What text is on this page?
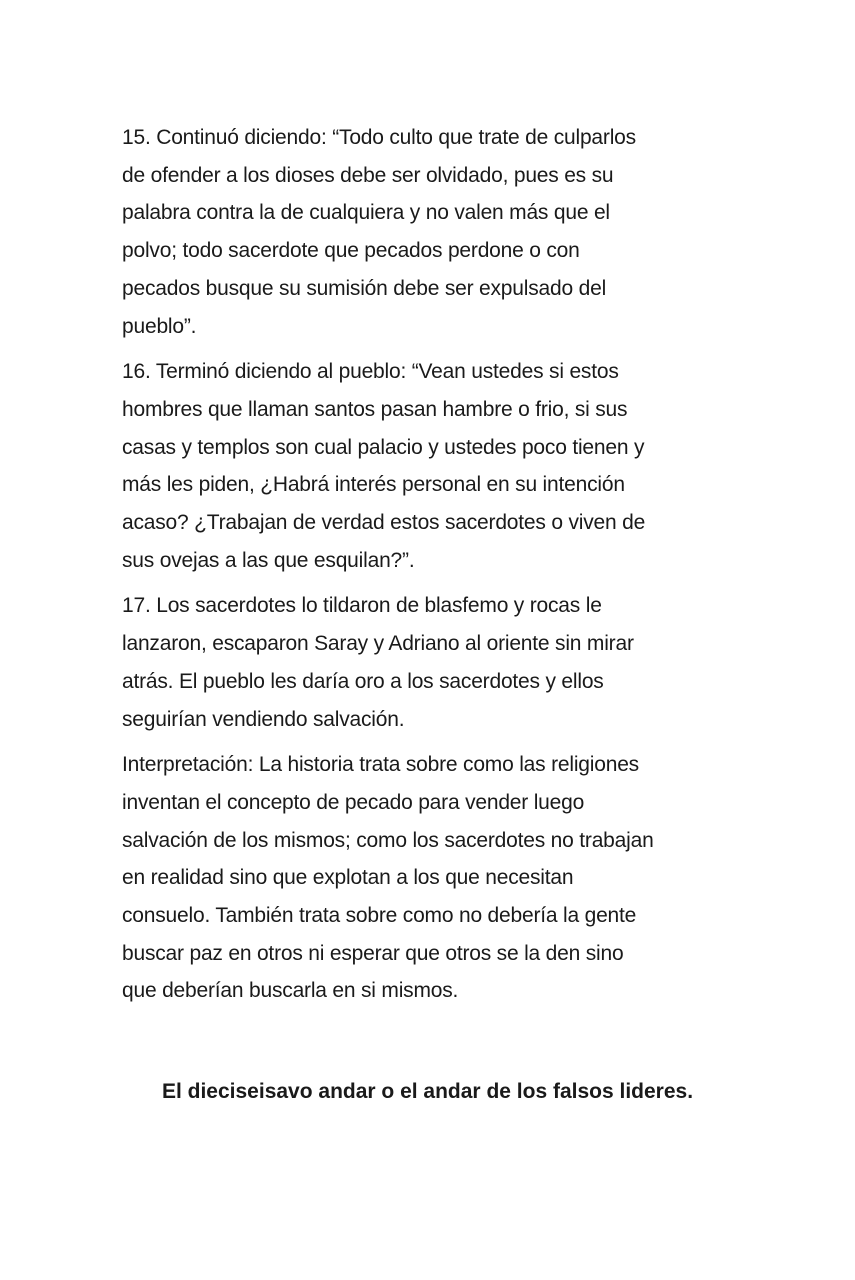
15. Continuó diciendo: “Todo culto que trate de culparlos
de ofender a los dioses debe ser olvidado, pues es su
palabra contra la de cualquiera y no valen más que el
polvo; todo sacerdote que pecados perdone o con
pecados busque su sumisión debe ser expulsado del
pueblo”.

16. Terminó diciendo al pueblo: “Vean ustedes si estos
hombres que llaman santos pasan hambre o frio, si sus
casas y templos son cual palacio y ustedes poco tienen y
más les piden, ¿Habrá interés personal en su intención
acaso? ¿Trabajan de verdad estos sacerdotes o viven de
sus ovejas a las que esquilan?”.

17. Los sacerdotes lo tildaron de blasfemo y rocas le
lanzaron, escaparon Saray y Adriano al oriente sin mirar
atrás. El pueblo les daría oro a los sacerdotes y ellos
seguirían vendiendo salvación.

Interpretación: La historia trata sobre como las religiones
inventan el concepto de pecado para vender luego
salvación de los mismos; como los sacerdotes no trabajan
en realidad sino que explotan a los que necesitan
consuelo. También trata sobre como no debería la gente
buscar paz en otros ni esperar que otros se la den sino
que deberían buscarla en si mismos.

El dieciseisavo andar o el andar de los falsos lideres.
